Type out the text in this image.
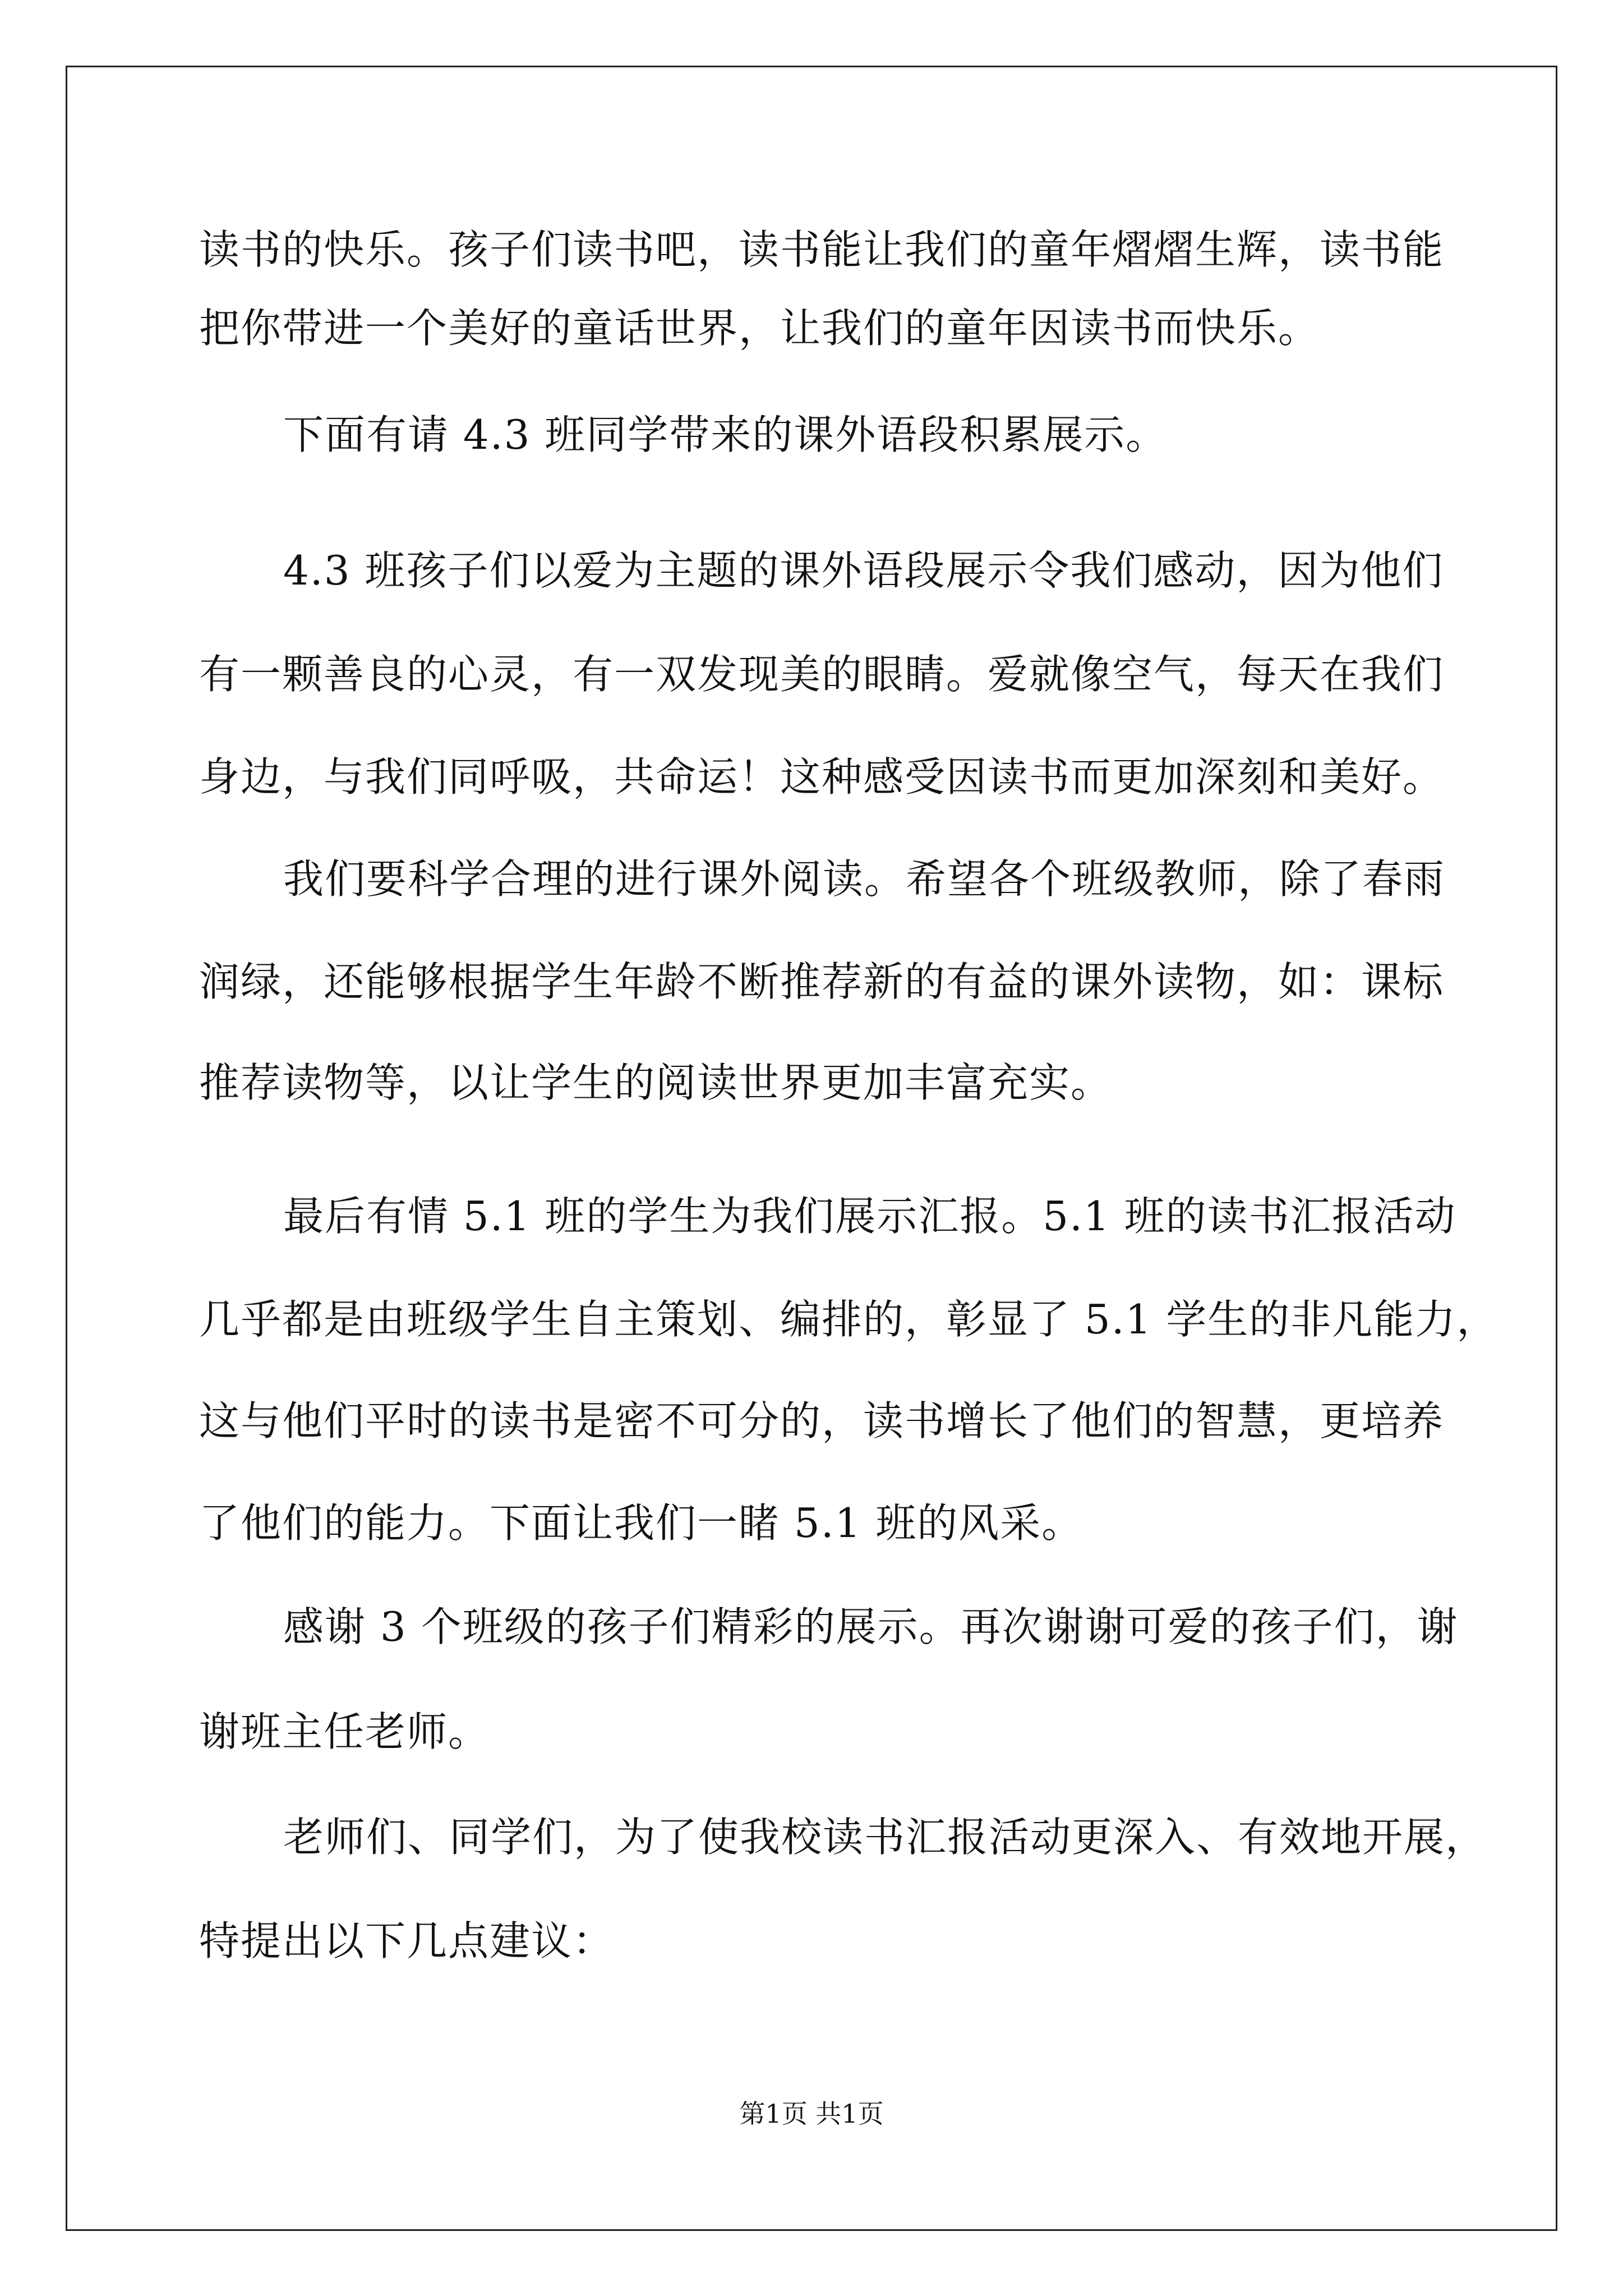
读书的快乐。孩子们读书吧，读书能让我们的童年熠熠生辉，读书能
把你带进一个美好的童话世界，让我们的童年因读书而快乐。
下面有请 4.3 班同学带来的课外语段积累展示。
4.3 班孩子们以爱为主题的课外语段展示令我们感动，因为他们
有一颗善良的心灵，有一双发现美的眼睛。爱就像空气，每天在我们
身边，与我们同呼吸，共命运！这种感受因读书而更加深刻和美好。
我们要科学合理的进行课外阅读。希望各个班级教师，除了春雨
润绿，还能够根据学生年龄不断推荐新的有益的课外读物，如：课标
推荐读物等，以让学生的阅读世界更加丰富充实。
最后有情 5.1 班的学生为我们展示汇报。5.1 班的读书汇报活动
几乎都是由班级学生自主策划、编排的，彰显了 5.1 学生的非凡能力，
这与他们平时的读书是密不可分的，读书增长了他们的智慧，更培养
了他们的能力。下面让我们一睹 5.1 班的风采。
感谢 3 个班级的孩子们精彩的展示。再次谢谢可爱的孩子们，谢
谢班主任老师。
老师们、同学们，为了使我校读书汇报活动更深入、有效地开展，
特提出以下几点建议：
第1页 共1页
